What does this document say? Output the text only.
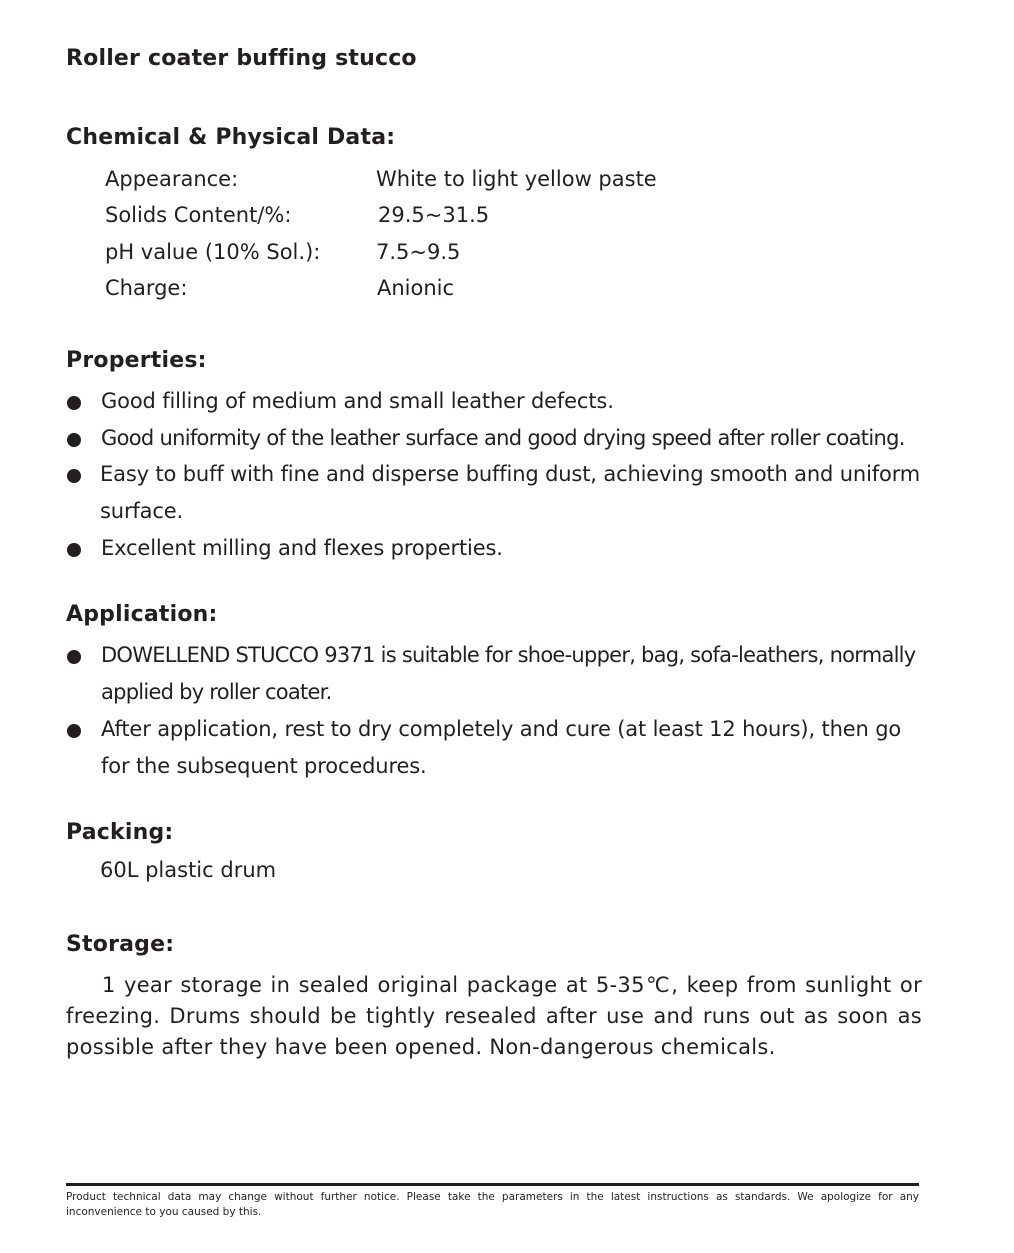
Roller coater buffing stucco
Chemical & Physical Data:
Appearance:	White to light yellow paste
Solids Content/%:	29.5~31.5
pH value (10% Sol.):	7.5~9.5
Charge:	Anionic
Properties:
Good filling of medium and small leather defects.
Good uniformity of the leather surface and good drying speed after roller coating.
Easy to buff with fine and disperse buffing dust, achieving smooth and uniform surface.
Excellent milling and flexes properties.
Application:
DOWELLEND STUCCO 9371 is suitable for shoe-upper, bag, sofa-leathers, normally applied by roller coater.
After application, rest to dry completely and cure (at least 12 hours), then go for the subsequent procedures.
Packing:
60L plastic drum
Storage:
1 year storage in sealed original package at 5-35℃, keep from sunlight or freezing. Drums should be tightly resealed after use and runs out as soon as possible after they have been opened. Non-dangerous chemicals.
Product technical data may change without further notice. Please take the parameters in the latest instructions as standards. We apologize for any inconvenience to you caused by this.
